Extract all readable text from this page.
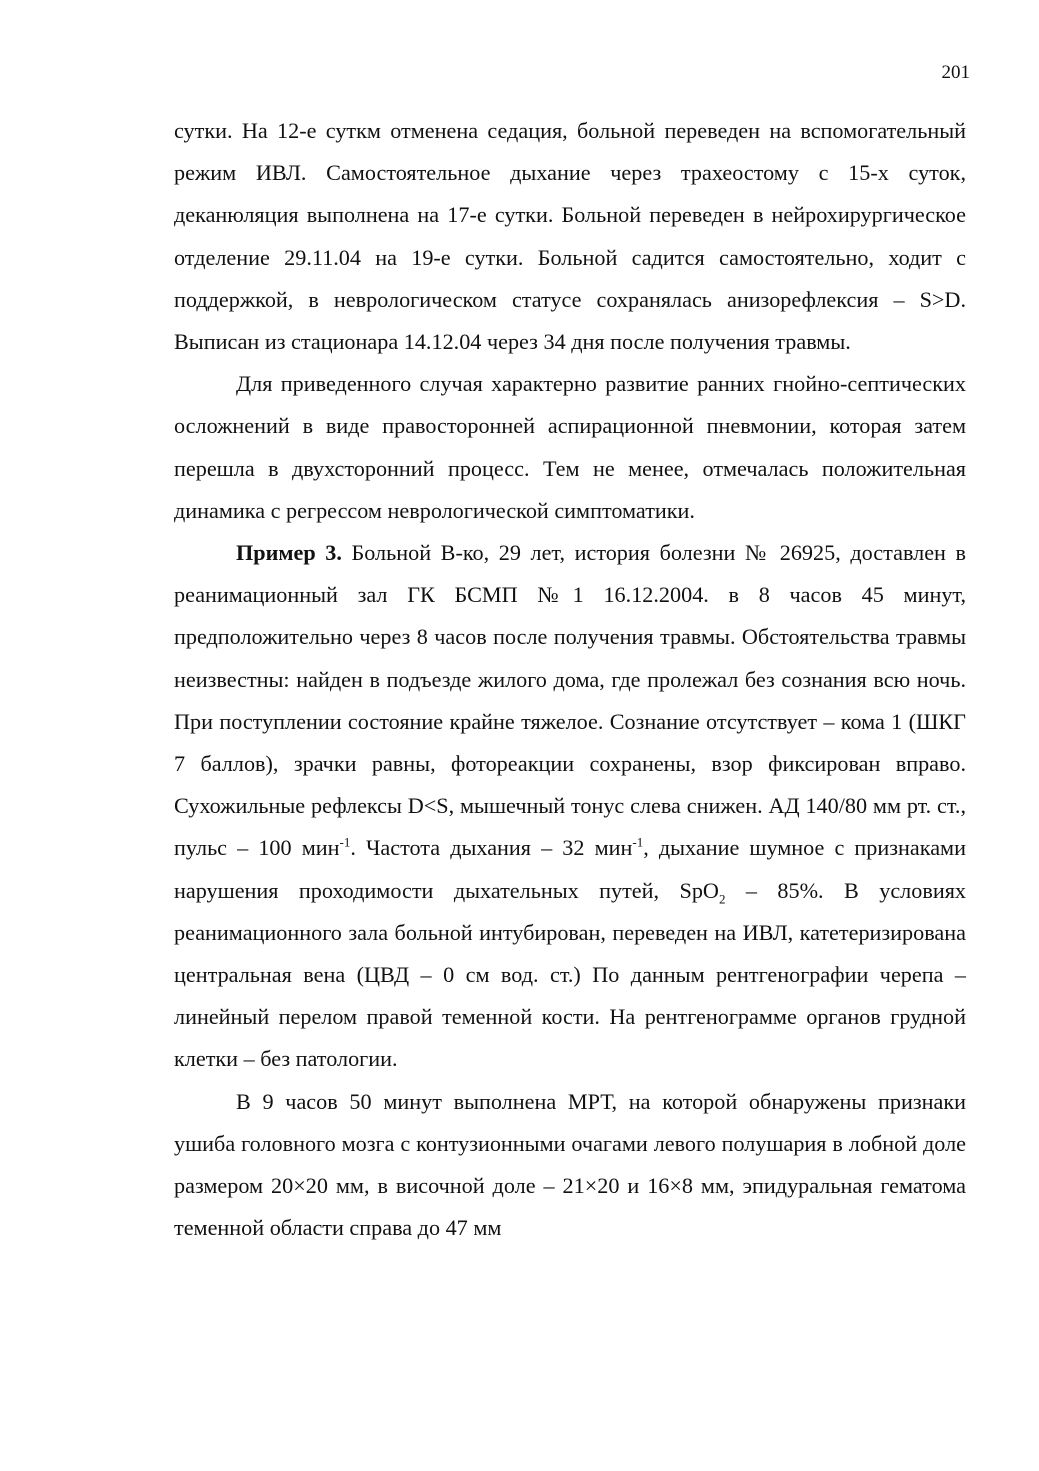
201

сутки. На 12-е суткм отменена седация, больной переведен на вспомогательный режим ИВЛ. Самостоятельное дыхание через трахеостому с 15-х суток, деканюляция выполнена на 17-е сутки. Больной переведен в нейрохирургическое отделение 29.11.04 на 19-е сутки. Больной садится самостоятельно, ходит с поддержкой, в неврологическом статусе сохранялась анизорефлексия – S>D. Выписан из стационара 14.12.04 через 34 дня после получения травмы.

Для приведенного случая характерно развитие ранних гнойно-септических осложнений в виде правосторонней аспирационной пневмонии, которая затем перешла в двухсторонний процесс. Тем не менее, отмечалась положительная динамика с регрессом неврологической симптоматики.

Пример 3. Больной В-ко, 29 лет, история болезни № 26925, доставлен в реанимационный зал ГК БСМП №1 16.12.2004. в 8 часов 45 минут, предположительно через 8 часов после получения травмы. Обстоятельства травмы неизвестны: найден в подъезде жилого дома, где пролежал без сознания всю ночь. При поступлении состояние крайне тяжелое. Сознание отсутствует – кома 1 (ШКГ 7 баллов), зрачки равны, фотореакции сохранены, взор фиксирован вправо. Сухожильные рефлексы D<S, мышечный тонус слева снижен. АД 140/80 мм рт. ст., пульс – 100 мин$^{-1}$. Частота дыхания – 32 мин$^{-1}$, дыхание шумное с признаками нарушения проходимости дыхательных путей, SpO$_2$ – 85%. В условиях реанимационного зала больной интубирован, переведен на ИВЛ, катетеризирована центральная вена (ЦВД – 0 см вод. ст.) По данным рентгенографии черепа – линейный перелом правой теменной кости. На рентгенограмме органов грудной клетки – без патологии.

В 9 часов 50 минут выполнена МРТ, на которой обнаружены признаки ушиба головного мозга с контузионными очагами левого полушария в лобной доле размером 20×20 мм, в височной доле – 21×20 и 16×8 мм, эпидуральная гематома теменной области справа до 47 мм
